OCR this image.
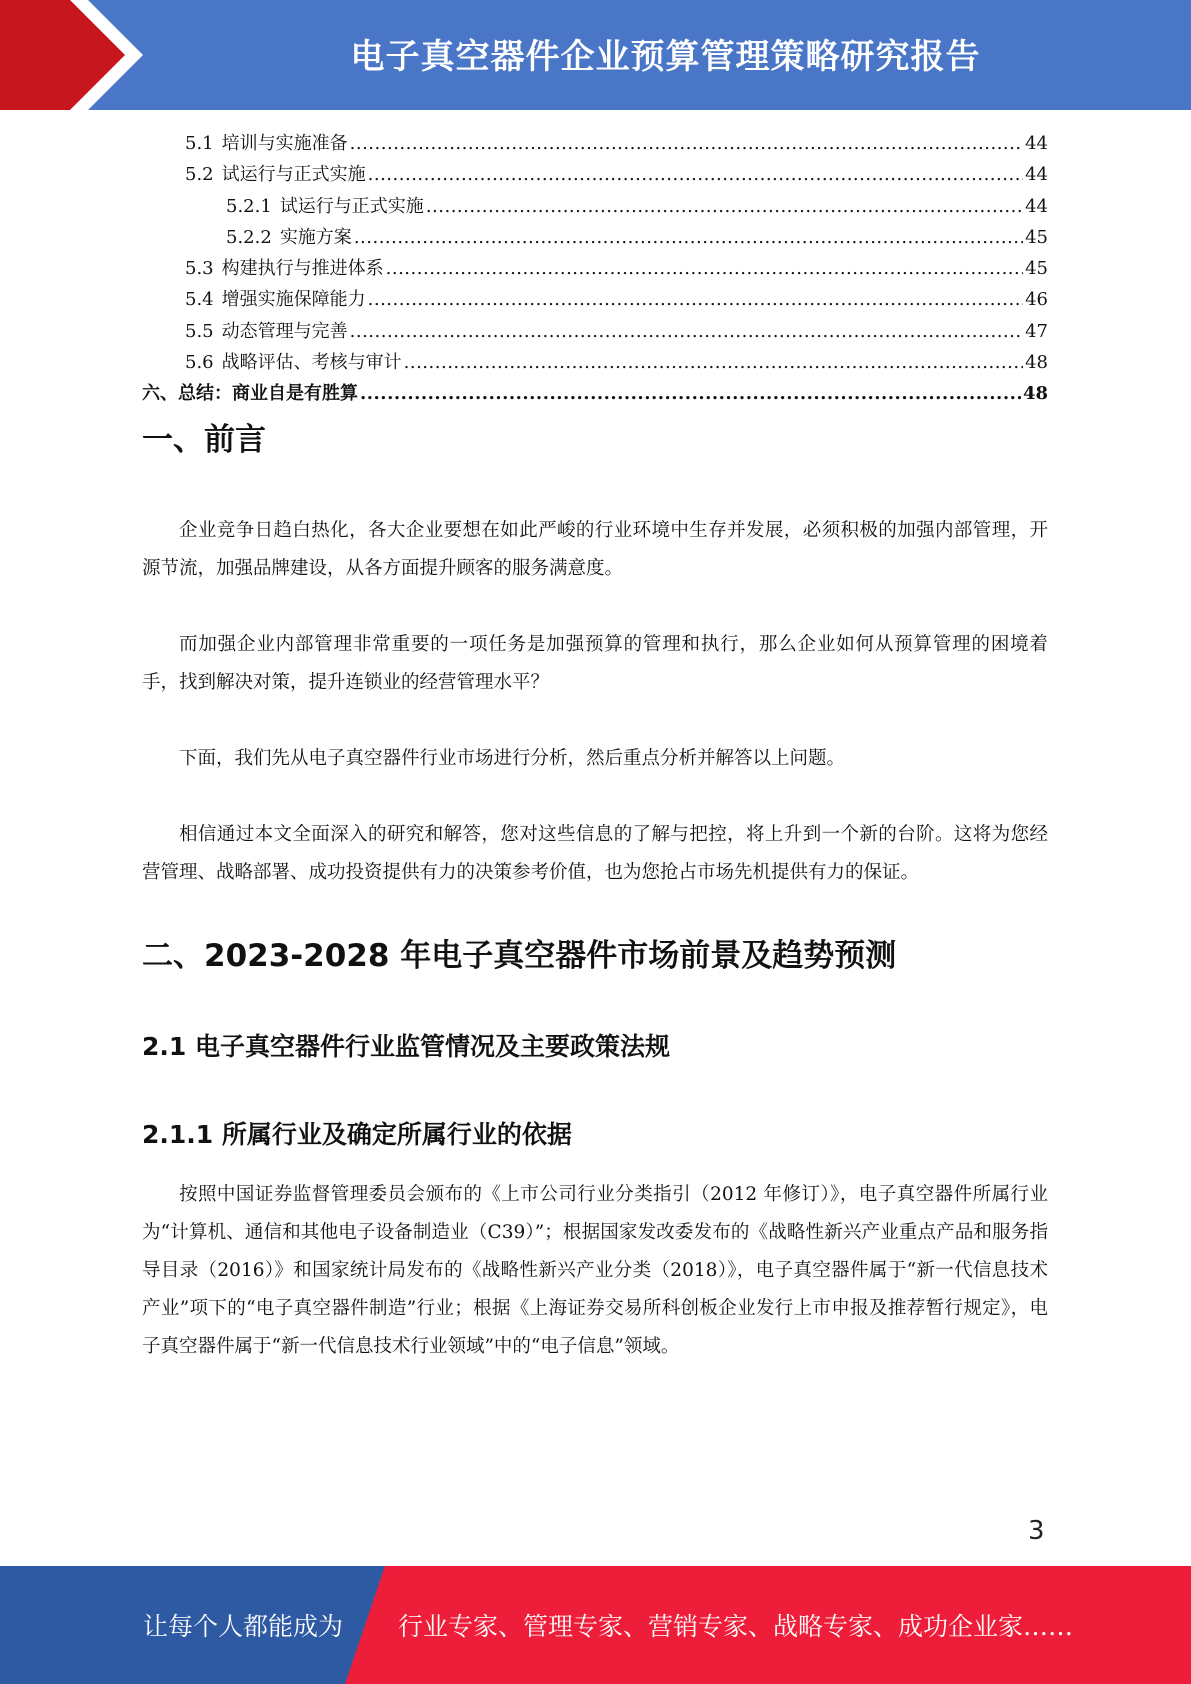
电子真空器件企业预算管理策略研究报告
5.1 培训与实施准备 .....	44
5.2 试运行与正式实施 .....	44
5.2.1 试运行与正式实施 .....	44
5.2.2 实施方案 .....	45
5.3 构建执行与推进体系 .....	45
5.4 增强实施保障能力 .....	46
5.5 动态管理与完善 .....	47
5.6 战略评估、考核与审计 .....	48
六、总结：商业自是有胜算 .....	48
一、前言

企业竞争日趋白热化，各大企业要想在如此严峻的行业环境中生存并发展，必须积极的加强内部管理，开源节流，加强品牌建设，从各方面提升顾客的服务满意度。

而加强企业内部管理非常重要的一项任务是加强预算的管理和执行，那么企业如何从预算管理的困境着手，找到解决对策，提升连锁业的经营管理水平？

下面，我们先从电子真空器件行业市场进行分析，然后重点分析并解答以上问题。

相信通过本文全面深入的研究和解答，您对这些信息的了解与把控，将上升到一个新的台阶。这将为您经营管理、战略部署、成功投资提供有力的决策参考价值，也为您抢占市场先机提供有力的保证。

二、2023-2028 年电子真空器件市场前景及趋势预测
2.1 电子真空器件行业监管情况及主要政策法规
2.1.1 所属行业及确定所属行业的依据

按照中国证券监督管理委员会颁布的《上市公司行业分类指引（2012 年修订）》，电子真空器件所属行业为“计算机、通信和其他电子设备制造业（C39）”；根据国家发改委发布的《战略性新兴产业重点产品和服务指导目录（2016）》和国家统计局发布的《战略性新兴产业分类（2018）》，电子真空器件属于“新一代信息技术产业”项下的“电子真空器件制造”行业；根据《上海证券交易所科创板企业发行上市申报及推荐暂行规定》，电子真空器件属于“新一代信息技术行业领域”中的“电子信息”领域。

3
让每个人都能成为 行业专家、管理专家、营销专家、战略专家、成功企业家……
